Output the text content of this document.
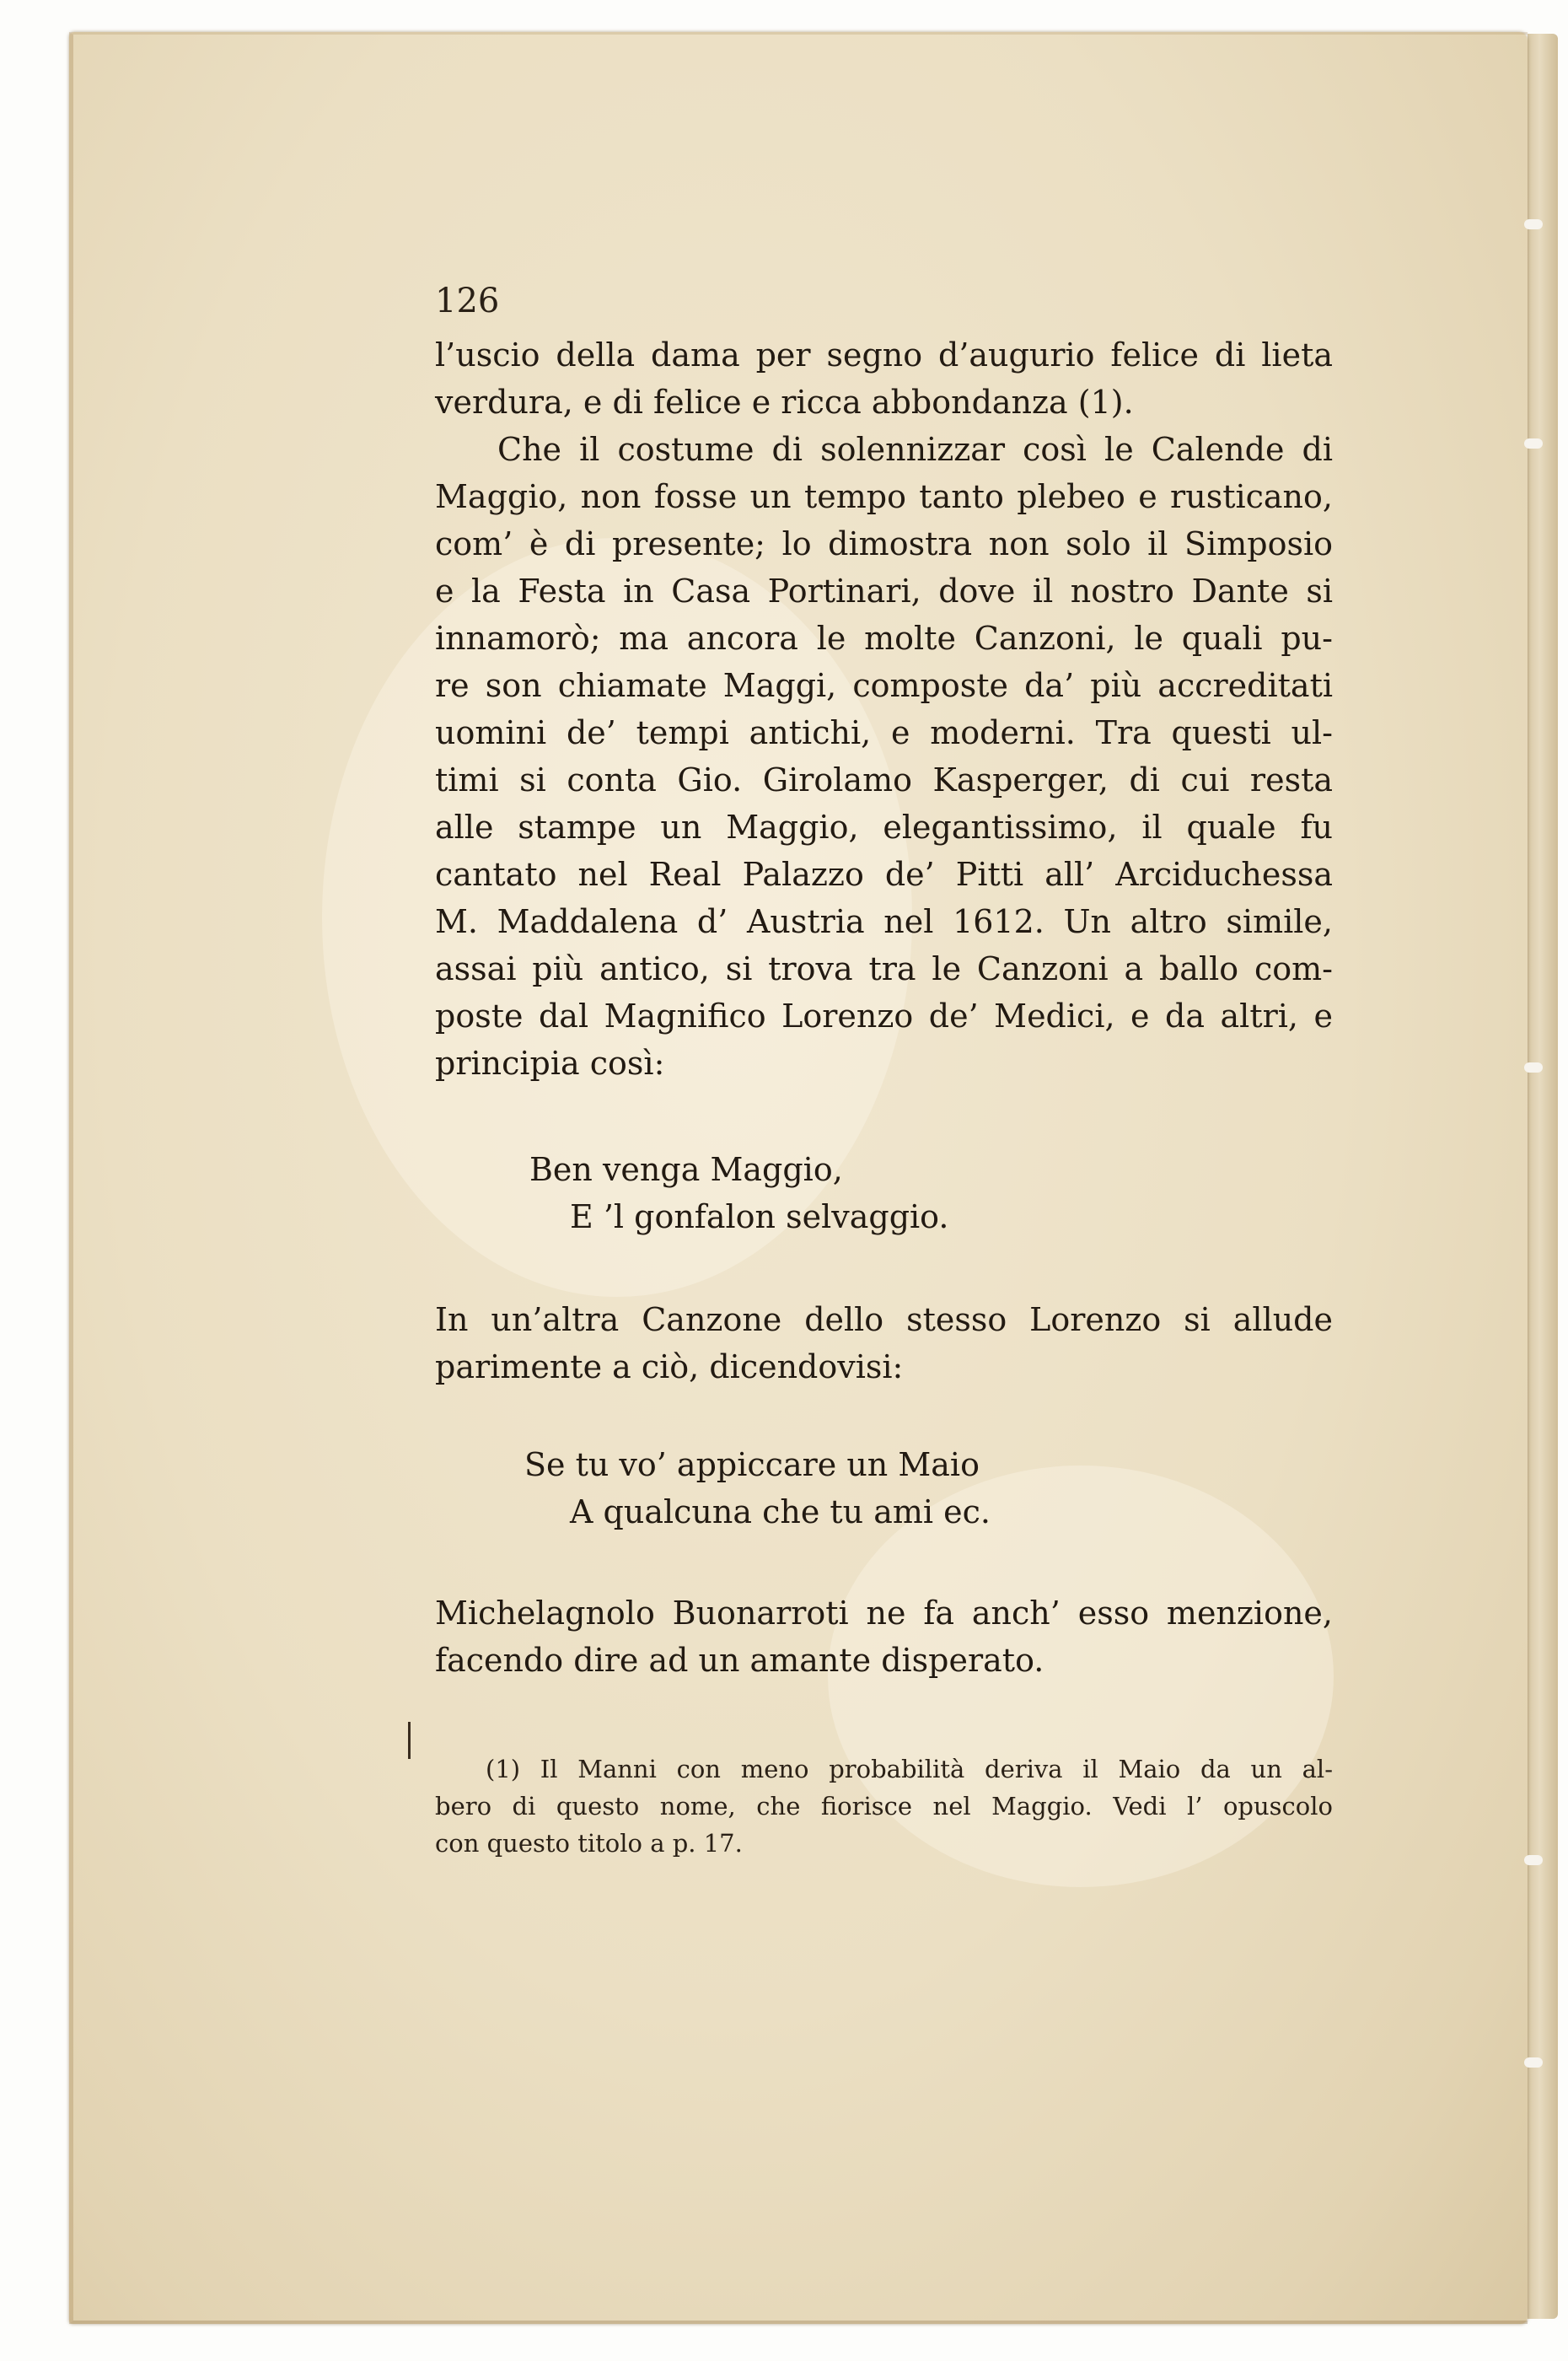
126
l’uscio della dama per segno d’augurio felice di lieta
verdura, e di felice e ricca abbondanza (1).
Che il costume di solennizzar così le Calende di
Maggio, non fosse un tempo tanto plebeo e rusticano,
com’ è di presente; lo dimostra non solo il Simposio
e la Festa in Casa Portinari, dove il nostro Dante si
innamorò; ma ancora le molte Canzoni, le quali pu-
re son chiamate Maggi, composte da’ più accreditati
uomini de’ tempi antichi, e moderni. Tra questi ul-
timi si conta Gio. Girolamo Kasperger, di cui resta
alle stampe un Maggio, elegantissimo, il quale fu
cantato nel Real Palazzo de’ Pitti all’ Arciduchessa
M. Maddalena d’ Austria nel 1612. Un altro simile,
assai più antico, si trova tra le Canzoni a ballo com-
poste dal Magnifico Lorenzo de’ Medici, e da altri, e
principia così:
Ben venga Maggio,
E ’l gonfalon selvaggio.
In un’altra Canzone dello stesso Lorenzo si allude
parimente a ciò, dicendovisi:
Se tu vo’ appiccare un Maio
A qualcuna che tu ami ec.
Michelagnolo Buonarroti ne fa anch’ esso menzione,
facendo dire ad un amante disperato.
(1) Il Manni con meno probabilità deriva il Maio da un al-
bero di questo nome, che fiorisce nel Maggio. Vedi l’ opuscolo
con questo titolo a p. 17.
